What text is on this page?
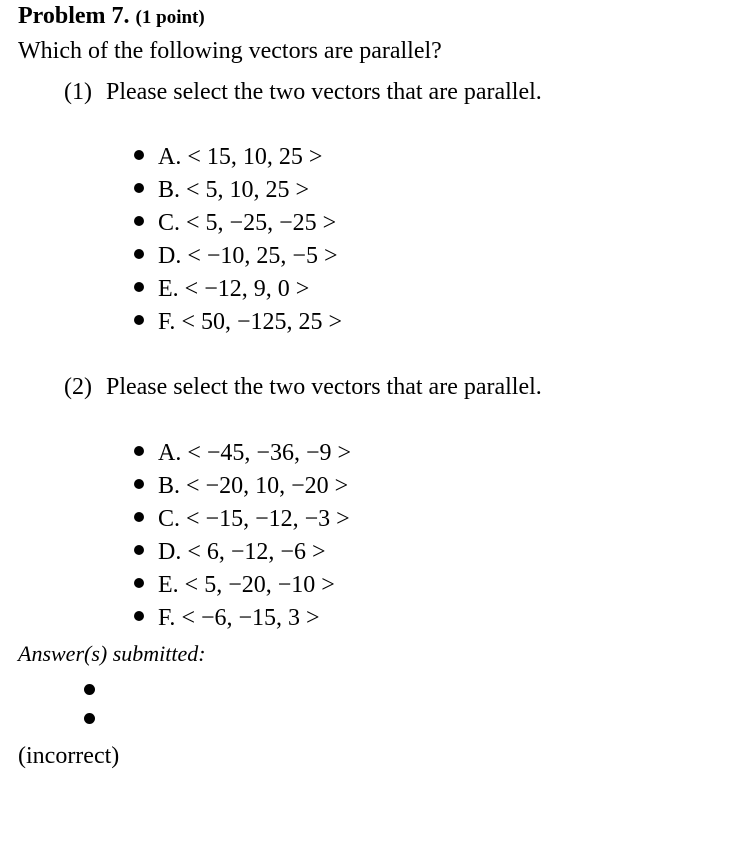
Problem 7. (1 point)
Which of the following vectors are parallel?
(1) Please select the two vectors that are parallel.
A. < 15, 10, 25 >
B. < 5, 10, 25 >
C. < 5, −25, −25 >
D. < −10, 25, −5 >
E. < −12, 9, 0 >
F. < 50, −125, 25 >
(2) Please select the two vectors that are parallel.
A. < −45, −36, −9 >
B. < −20, 10, −20 >
C. < −15, −12, −3 >
D. < 6, −12, −6 >
E. < 5, −20, −10 >
F. < −6, −15, 3 >
Answer(s) submitted:
(incorrect)
